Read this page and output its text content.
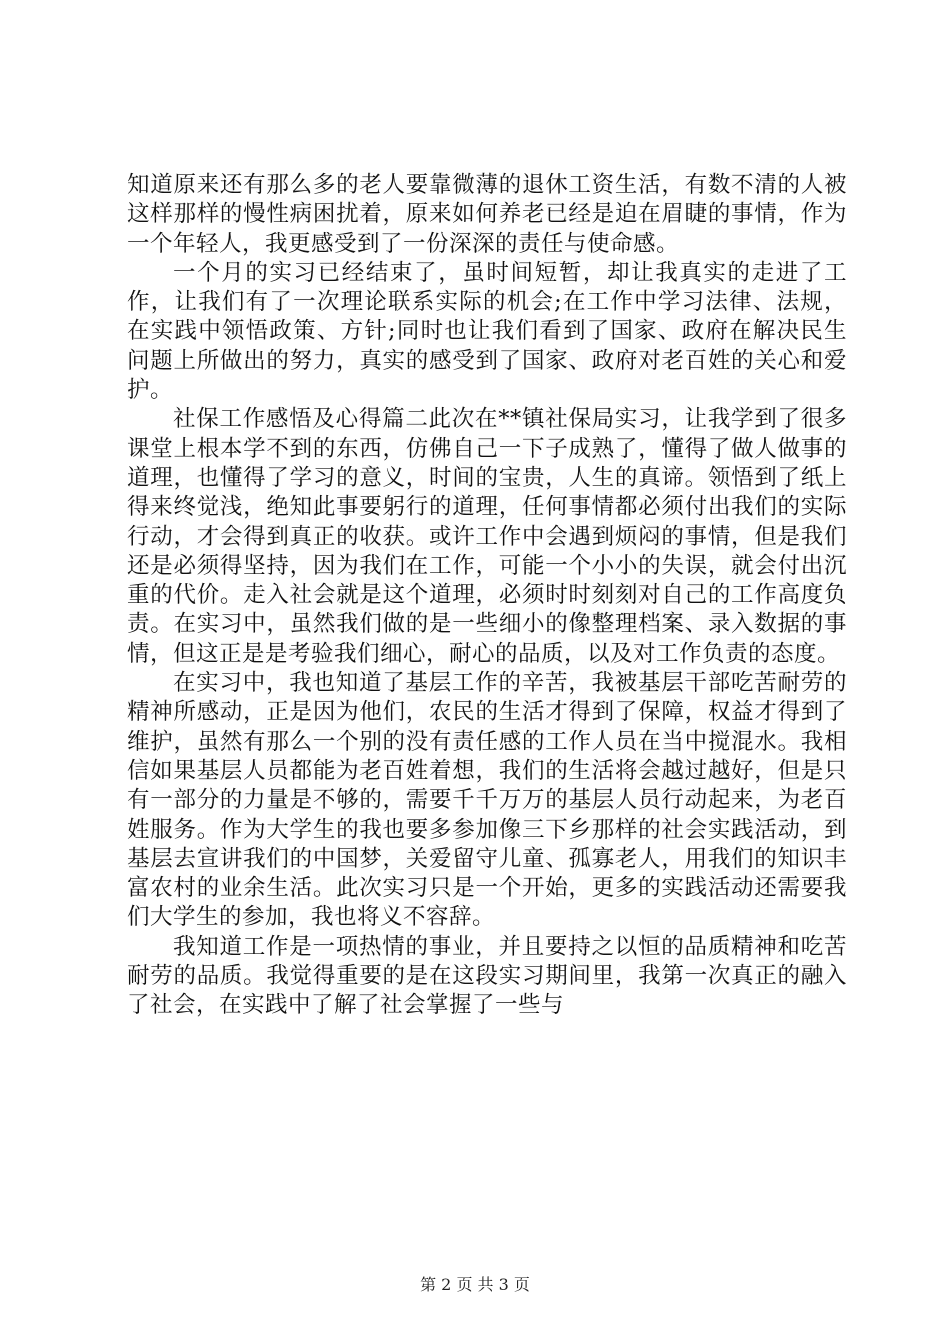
知道原来还有那么多的老人要靠微薄的退休工资生活，有数不清的人被这样那样的慢性病困扰着，原来如何养老已经是迫在眉睫的事情，作为一个年轻人，我更感受到了一份深深的责任与使命感。

一个月的实习已经结束了，虽时间短暂，却让我真实的走进了工作，让我们有了一次理论联系实际的机会;在工作中学习法律、法规，在实践中领悟政策、方针;同时也让我们看到了国家、政府在解决民生问题上所做出的努力，真实的感受到了国家、政府对老百姓的关心和爱护。

社保工作感悟及心得篇二此次在**镇社保局实习，让我学到了很多课堂上根本学不到的东西，仿佛自己一下子成熟了，懂得了做人做事的道理，也懂得了学习的意义，时间的宝贵，人生的真谛。领悟到了纸上得来终觉浅，绝知此事要躬行的道理，任何事情都必须付出我们的实际行动，才会得到真正的收获。或许工作中会遇到烦闷的事情，但是我们还是必须得坚持，因为我们在工作，可能一个小小的失误，就会付出沉重的代价。走入社会就是这个道理，必须时时刻刻对自己的工作高度负责。在实习中，虽然我们做的是一些细小的像整理档案、录入数据的事情，但这正是是考验我们细心，耐心的品质，以及对工作负责的态度。

在实习中，我也知道了基层工作的辛苦，我被基层干部吃苦耐劳的精神所感动，正是因为他们，农民的生活才得到了保障，权益才得到了维护，虽然有那么一个别的没有责任感的工作人员在当中搅混水。我相信如果基层人员都能为老百姓着想，我们的生活将会越过越好，但是只有一部分的力量是不够的，需要千千万万的基层人员行动起来，为老百姓服务。作为大学生的我也要多参加像三下乡那样的社会实践活动，到基层去宣讲我们的中国梦，关爱留守儿童、孤寡老人，用我们的知识丰富农村的业余生活。此次实习只是一个开始，更多的实践活动还需要我们大学生的参加，我也将义不容辞。

我知道工作是一项热情的事业，并且要持之以恒的品质精神和吃苦耐劳的品质。我觉得重要的是在这段实习期间里，我第一次真正的融入了社会，在实践中了解了社会掌握了一些与

第 2 页 共 3 页
